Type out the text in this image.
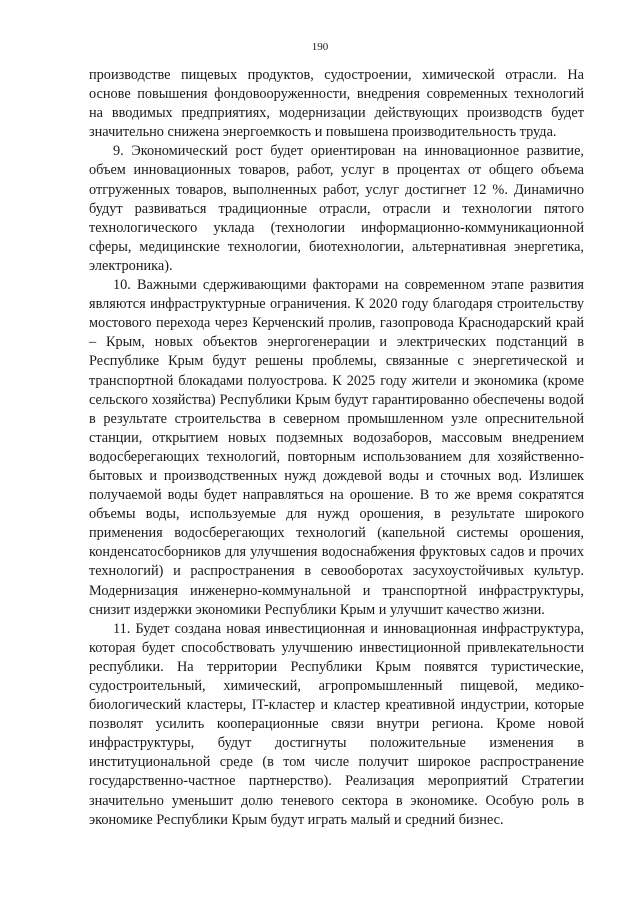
190

производстве пищевых продуктов, судостроении, химической отрасли. На основе повышения фондовооруженности, внедрения современных технологий на вводимых предприятиях, модернизации действующих производств будет значительно снижена энергоемкость и повышена производительность труда.

9. Экономический рост будет ориентирован на инновационное развитие, объем инновационных товаров, работ, услуг в процентах от общего объема отгруженных товаров, выполненных работ, услуг достигнет 12 %. Динамично будут развиваться традиционные отрасли, отрасли и технологии пятого технологического уклада (технологии информационно-коммуникационной сферы, медицинские технологии, биотехнологии, альтернативная энергетика, электроника).

10. Важными сдерживающими факторами на современном этапе развития являются инфраструктурные ограничения. К 2020 году благодаря строительству мостового перехода через Керченский пролив, газопровода Краснодарский край – Крым, новых объектов энергогенерации и электрических подстанций в Республике Крым будут решены проблемы, связанные с энергетической и транспортной блокадами полуострова. К 2025 году жители и экономика (кроме сельского хозяйства) Республики Крым будут гарантированно обеспечены водой в результате строительства в северном промышленном узле опреснительной станции, открытием новых подземных водозаборов, массовым внедрением водосберегающих технологий, повторным использованием для хозяйственно-бытовых и производственных нужд дождевой воды и сточных вод. Излишек получаемой воды будет направляться на орошение. В то же время сократятся объемы воды, используемые для нужд орошения, в результате широкого применения водосберегающих технологий (капельной системы орошения, конденсатосборников для улучшения водоснабжения фруктовых садов и прочих технологий) и распространения в севооборотах засухоустойчивых культур. Модернизация инженерно-коммунальной и транспортной инфраструктуры, снизит издержки экономики Республики Крым и улучшит качество жизни.

11. Будет создана новая инвестиционная и инновационная инфраструктура, которая будет способствовать улучшению инвестиционной привлекательности республики. На территории Республики Крым появятся туристические, судостроительный, химический, агропромышленный пищевой, медико-биологический кластеры, IT-кластер и кластер креативной индустрии, которые позволят усилить кооперационные связи внутри региона. Кроме новой инфраструктуры, будут достигнуты положительные изменения в институциональной среде (в том числе получит широкое распространение государственно-частное партнерство). Реализация мероприятий Стратегии значительно уменьшит долю теневого сектора в экономике. Особую роль в экономике Республики Крым будут играть малый и средний бизнес.
